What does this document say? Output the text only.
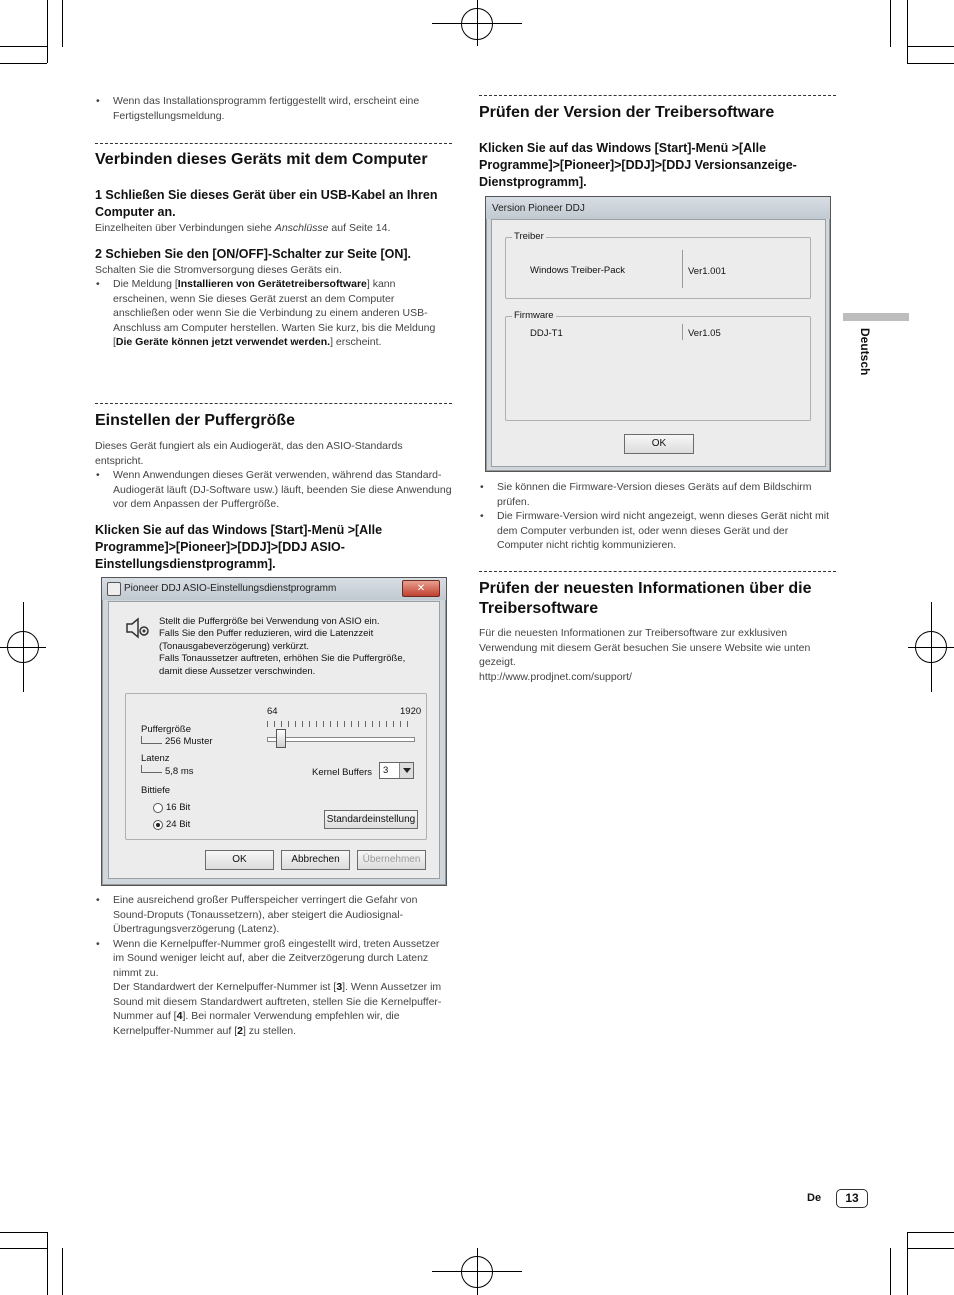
Deutsch
• Wenn das Installationsprogramm fertiggestellt wird, erscheint eine Fertigstellungsmeldung.
Verbinden dieses Geräts mit dem Computer
1 Schließen Sie dieses Gerät über ein USB-Kabel an Ihren Computer an.
Einzelheiten über Verbindungen siehe Anschlüsse auf Seite 14.
2 Schieben Sie den [ON/OFF]-Schalter zur Seite [ON].
Schalten Sie die Stromversorgung dieses Geräts ein.
• Die Meldung [Installieren von Gerätetreibersoftware] kann erscheinen, wenn Sie dieses Gerät zuerst an dem Computer anschließen oder wenn Sie die Verbindung zu einem anderen USB-Anschluss am Computer herstellen. Warten Sie kurz, bis die Meldung [Die Geräte können jetzt verwendet werden.] erscheint.
Einstellen der Puffergröße
Dieses Gerät fungiert als ein Audiogerät, das den ASIO-Standards entspricht.
• Wenn Anwendungen dieses Gerät verwenden, während das Standard-Audiogerät läuft (DJ-Software usw.) läuft, beenden Sie diese Anwendung vor dem Anpassen der Puffergröße.
Klicken Sie auf das Windows [Start]-Menü >[Alle Programme]>[Pioneer]>[DDJ]>[DDJ ASIO-Einstellungsdienstprogramm].
Pioneer DDJ ASIO-Einstellungsdienstprogramm	✕
Stellt die Puffergröße bei Verwendung von ASIO ein.
Falls Sie den Puffer reduzieren, wird die Latenzzeit
(Tonausgabeverzögerung) verkürzt.
Falls Tonaussetzer auftreten, erhöhen Sie die Puffergröße,
damit diese Aussetzer verschwinden.
64	1920
Puffergröße
256 Muster
Latenz
5,8 ms	Kernel Buffers 3
Bittiefe
16 Bit
24 Bit	Standardeinstellung
OK	Abbrechen	Übernehmen
• Eine ausreichend großer Pufferspeicher verringert die Gefahr von Sound-Droputs (Tonaussetzern), aber steigert die Audiosignal-Übertragungsverzögerung (Latenz).
• Wenn die Kernelpuffer-Nummer groß eingestellt wird, treten Aussetzer im Sound weniger leicht auf, aber die Zeitverzögerung durch Latenz nimmt zu.
Der Standardwert der Kernelpuffer-Nummer ist [3]. Wenn Aussetzer im Sound mit diesem Standardwert auftreten, stellen Sie die Kernelpuffer-Nummer auf [4]. Bei normaler Verwendung empfehlen wir, die Kernelpuffer-Nummer auf [2] zu stellen.
Prüfen der Version der Treibersoftware
Klicken Sie auf das Windows [Start]-Menü >[Alle Programme]>[Pioneer]>[DDJ]>[DDJ Versionsanzeige-Dienstprogramm].
Version Pioneer DDJ
Treiber
Windows Treiber-Pack	Ver1.001
Firmware
DDJ-T1	Ver1.05
OK
• Sie können die Firmware-Version dieses Geräts auf dem Bildschirm prüfen.
• Die Firmware-Version wird nicht angezeigt, wenn dieses Gerät nicht mit dem Computer verbunden ist, oder wenn dieses Gerät und der Computer nicht richtig kommunizieren.
Prüfen der neuesten Informationen über die Treibersoftware
Für die neuesten Informationen zur Treibersoftware zur exklusiven Verwendung mit diesem Gerät besuchen Sie unsere Website wie unten gezeigt.
http://www.prodjnet.com/support/
De	13
